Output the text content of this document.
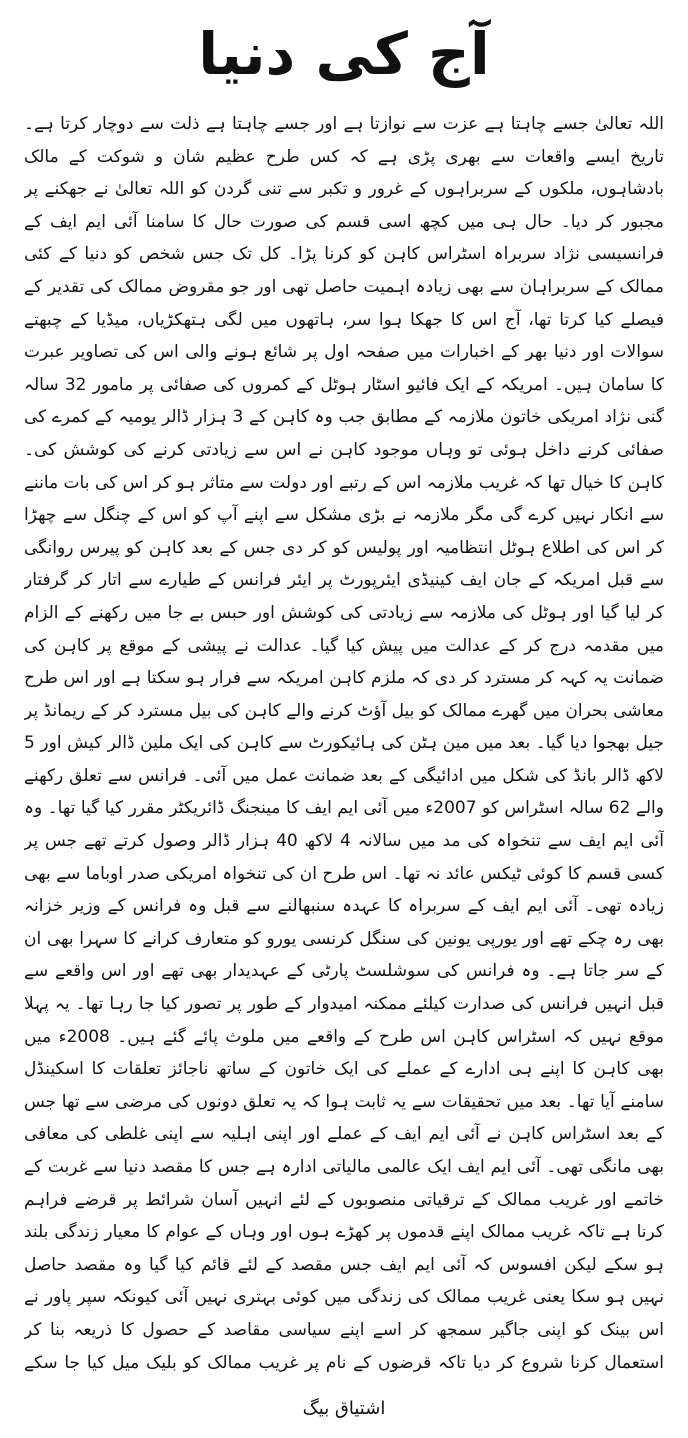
آج کی دنیا

اللہ تعالیٰ جسے چاہتا ہے عزت سے نوازتا ہے اور جسے چاہتا ہے ذلت سے دوچار کرتا ہے۔ تاریخ ایسے واقعات سے بھری پڑی ہے کہ کس طرح عظیم شان و شوکت کے مالک بادشاہوں، ملکوں کے سربراہوں کے غرور و تکبر سے تنی گردن کو اللہ تعالیٰ نے جھکنے پر مجبور کر دیا۔ حال ہی میں کچھ اسی قسم کی صورت حال کا سامنا آئی ایم ایف کے فرانسیسی نژاد سربراہ اسٹراس کاہن کو کرنا پڑا۔ کل تک جس شخص کو دنیا کے کئی ممالک کے سربراہان سے بھی زیادہ اہمیت حاصل تھی اور جو مقروض ممالک کی تقدیر کے فیصلے کیا کرتا تھا، آج اس کا جھکا ہوا سر، ہاتھوں میں لگی ہتھکڑیاں، میڈیا کے چبھتے سوالات اور دنیا بھر کے اخبارات میں صفحہ اول پر شائع ہونے والی اس کی تصاویر عبرت کا سامان ہیں۔ امریکہ کے ایک فائیو اسٹار ہوٹل کے کمروں کی صفائی پر مامور 32 سالہ گنی نژاد امریکی خاتون ملازمہ کے مطابق جب وہ کاہن کے 3 ہزار ڈالر یومیہ کے کمرے کی صفائی کرنے داخل ہوئی تو وہاں موجود کاہن نے اس سے زیادتی کرنے کی کوشش کی۔ کاہن کا خیال تھا کہ غریب ملازمہ اس کے رتبے اور دولت سے متاثر ہو کر اس کی بات ماننے سے انکار نہیں کرے گی مگر ملازمہ نے بڑی مشکل سے اپنے آپ کو اس کے چنگل سے چھڑا کر اس کی اطلاع ہوٹل انتظامیہ اور پولیس کو کر دی جس کے بعد کاہن کو پیرس روانگی سے قبل امریکہ کے جان ایف کینیڈی ایئرپورٹ پر ایئر فرانس کے طیارے سے اتار کر گرفتار کر لیا گیا اور ہوٹل کی ملازمہ سے زیادتی کی کوشش اور حبس بے جا میں رکھنے کے الزام میں مقدمہ درج کر کے عدالت میں پیش کیا گیا۔ عدالت نے پیشی کے موقع پر کاہن کی ضمانت یہ کہہ کر مسترد کر دی کہ ملزم کاہن امریکہ سے فرار ہو سکتا ہے اور اس طرح معاشی بحران میں گھرے ممالک کو بیل آؤٹ کرنے والے کاہن کی بیل مسترد کر کے ریمانڈ پر جیل بھجوا دیا گیا۔ بعد میں مین ہٹن کی ہائیکورٹ سے کاہن کی ایک ملین ڈالر کیش اور 5 لاکھ ڈالر بانڈ کی شکل میں ادائیگی کے بعد ضمانت عمل میں آئی۔ فرانس سے تعلق رکھنے والے 62 سالہ اسٹراس کو 2007ء میں آئی ایم ایف کا مینجنگ ڈائریکٹر مقرر کیا گیا تھا۔ وہ آئی ایم ایف سے تنخواہ کی مد میں سالانہ 4 لاکھ 40 ہزار ڈالر وصول کرتے تھے جس پر کسی قسم کا کوئی ٹیکس عائد نہ تھا۔ اس طرح ان کی تنخواہ امریکی صدر اوباما سے بھی زیادہ تھی۔ آئی ایم ایف کے سربراہ کا عہدہ سنبھالنے سے قبل وہ فرانس کے وزیر خزانہ بھی رہ چکے تھے اور یورپی یونین کی سنگل کرنسی یورو کو متعارف کرانے کا سہرا بھی ان کے سر جاتا ہے۔ وہ فرانس کی سوشلسٹ پارٹی کے عہدیدار بھی تھے اور اس واقعے سے قبل انہیں فرانس کی صدارت کیلئے ممکنہ امیدوار کے طور پر تصور کیا جا رہا تھا۔ یہ پہلا موقع نہیں کہ اسٹراس کاہن اس طرح کے واقعے میں ملوث پائے گئے ہیں۔ 2008ء میں بھی کاہن کا اپنے ہی ادارے کے عملے کی ایک خاتون کے ساتھ ناجائز تعلقات کا اسکینڈل سامنے آیا تھا۔ بعد میں تحقیقات سے یہ ثابت ہوا کہ یہ تعلق دونوں کی مرضی سے تھا جس کے بعد اسٹراس کاہن نے آئی ایم ایف کے عملے اور اپنی اہلیہ سے اپنی غلطی کی معافی بھی مانگی تھی۔ آئی ایم ایف ایک عالمی مالیاتی ادارہ ہے جس کا مقصد دنیا سے غربت کے خاتمے اور غریب ممالک کے ترقیاتی منصوبوں کے لئے انہیں آسان شرائط پر قرضے فراہم کرنا ہے تاکہ غریب ممالک اپنے قدموں پر کھڑے ہوں اور وہاں کے عوام کا معیار زندگی بلند ہو سکے لیکن افسوس کہ آئی ایم ایف جس مقصد کے لئے قائم کیا گیا وہ مقصد حاصل نہیں ہو سکا یعنی غریب ممالک کی زندگی میں کوئی بہتری نہیں آئی کیونکہ سپر پاور نے اس بینک کو اپنی جاگیر سمجھ کر اسے اپنے سیاسی مقاصد کے حصول کا ذریعہ بنا کر استعمال کرنا شروع کر دیا تاکہ قرضوں کے نام پر غریب ممالک کو بلیک میل کیا جا سکے

اشتیاق بیگ
